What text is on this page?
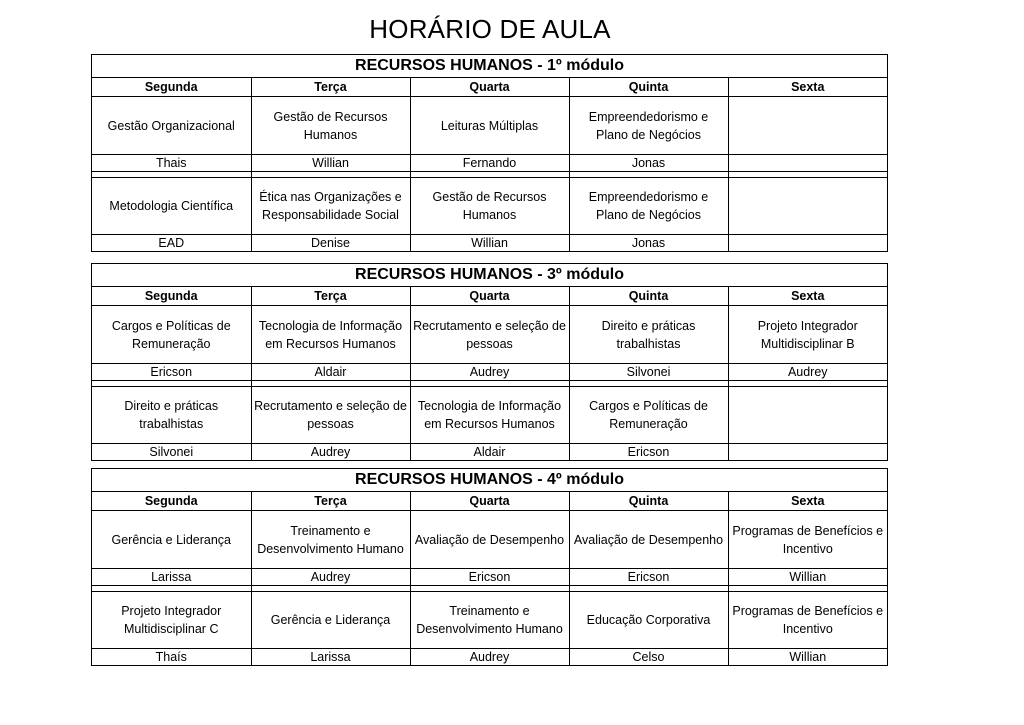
HORÁRIO DE AULA
RECURSOS HUMANOS - 1º módulo				
Segunda	Terça	Quarta	Quinta	Sexta
Gestão Organizacional	Gestão de Recursos Humanos	Leituras Múltiplas	Empreendedorismo e Plano de Negócios	
Thais	Willian	Fernando	Jonas	

Metodologia Científica	Ética nas Organizações e Responsabilidade Social	Gestão de Recursos Humanos	Empreendedorismo e Plano de Negócios	
EAD	Denise	Willian	Jonas	
RECURSOS HUMANOS - 3º módulo				
Segunda	Terça	Quarta	Quinta	Sexta
Cargos e Políticas de Remuneração	Tecnologia de Informação em Recursos Humanos	Recrutamento e seleção de pessoas	Direito e práticas trabalhistas	Projeto Integrador Multidisciplinar B
Ericson	Aldair	Audrey	Silvonei	Audrey

Direito e práticas trabalhistas	Recrutamento e seleção de pessoas	Tecnologia de Informação em Recursos Humanos	Cargos e Políticas de Remuneração	
Silvonei	Audrey	Aldair	Ericson	
RECURSOS HUMANOS - 4º módulo				
Segunda	Terça	Quarta	Quinta	Sexta
Gerência e Liderança	Treinamento e Desenvolvimento Humano	Avaliação de Desempenho	Avaliação de Desempenho	Programas de Benefícios e Incentivo
Larissa	Audrey	Ericson	Ericson	Willian

Projeto Integrador Multidisciplinar C	Gerência e Liderança	Treinamento e Desenvolvimento Humano	Educação Corporativa	Programas de Benefícios e Incentivo
Thaís	Larissa	Audrey	Celso	Willian
